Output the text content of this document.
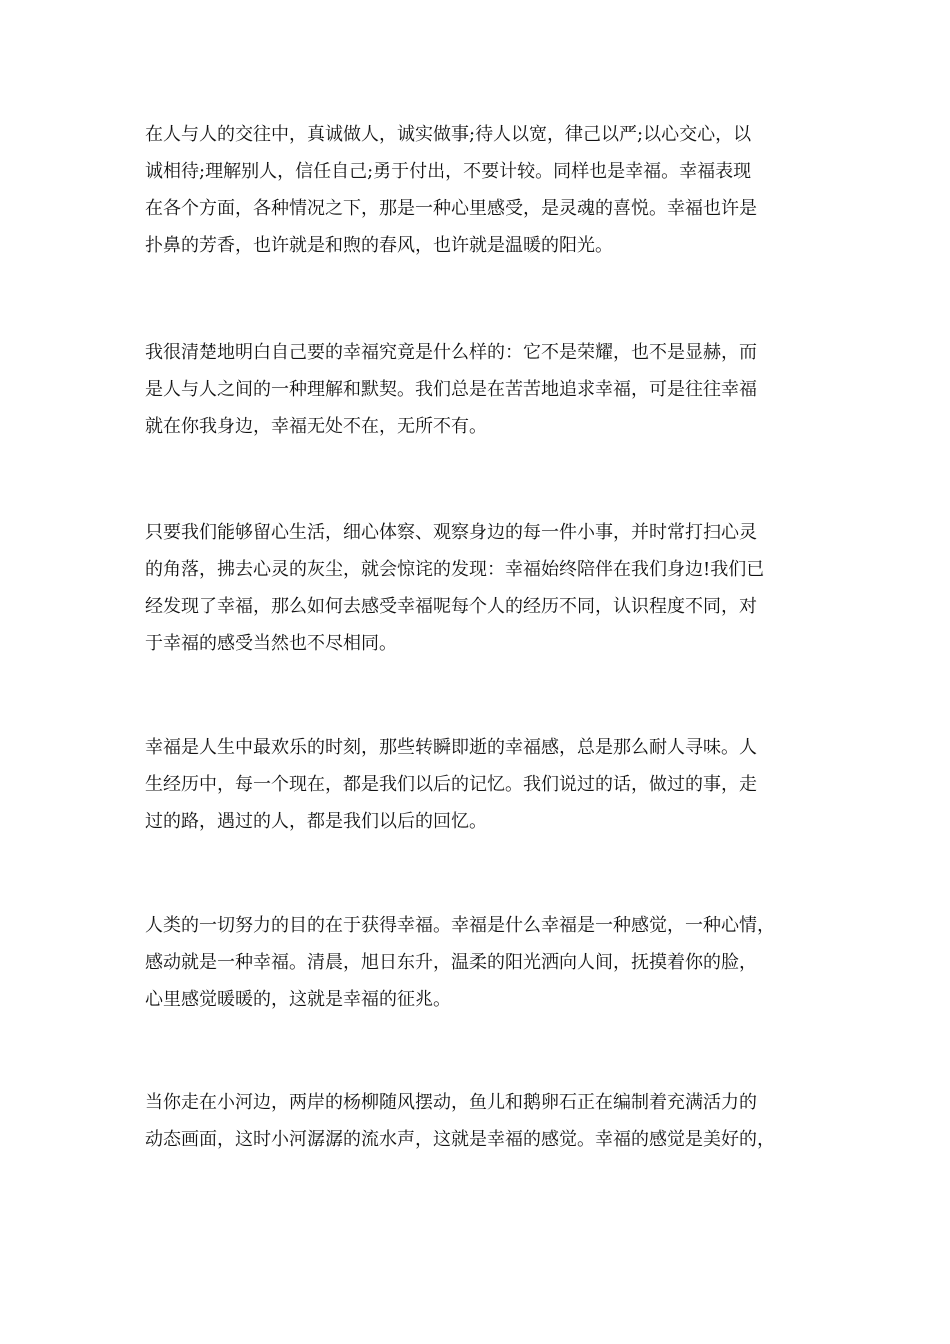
在人与人的交往中，真诚做人，诚实做事;待人以宽，律己以严;以心交心，以
诚相待;理解别人，信任自己;勇于付出，不要计较。同样也是幸福。幸福表现
在各个方面，各种情况之下，那是一种心里感受，是灵魂的喜悦。幸福也许是
扑鼻的芳香，也许就是和煦的春风，也许就是温暖的阳光。
我很清楚地明白自己要的幸福究竟是什么样的：它不是荣耀，也不是显赫，而
是人与人之间的一种理解和默契。我们总是在苦苦地追求幸福，可是往往幸福
就在你我身边，幸福无处不在，无所不有。
只要我们能够留心生活，细心体察、观察身边的每一件小事，并时常打扫心灵
的角落，拂去心灵的灰尘，就会惊诧的发现：幸福始终陪伴在我们身边!我们已
经发现了幸福，那么如何去感受幸福呢每个人的经历不同，认识程度不同，对
于幸福的感受当然也不尽相同。
幸福是人生中最欢乐的时刻，那些转瞬即逝的幸福感，总是那么耐人寻味。人
生经历中，每一个现在，都是我们以后的记忆。我们说过的话，做过的事，走
过的路，遇过的人，都是我们以后的回忆。
人类的一切努力的目的在于获得幸福。幸福是什么幸福是一种感觉，一种心情，
感动就是一种幸福。清晨，旭日东升，温柔的阳光洒向人间，抚摸着你的脸，
心里感觉暖暖的，这就是幸福的征兆。
当你走在小河边，两岸的杨柳随风摆动，鱼儿和鹅卵石正在编制着充满活力的
动态画面，这时小河潺潺的流水声，这就是幸福的感觉。幸福的感觉是美好的，
